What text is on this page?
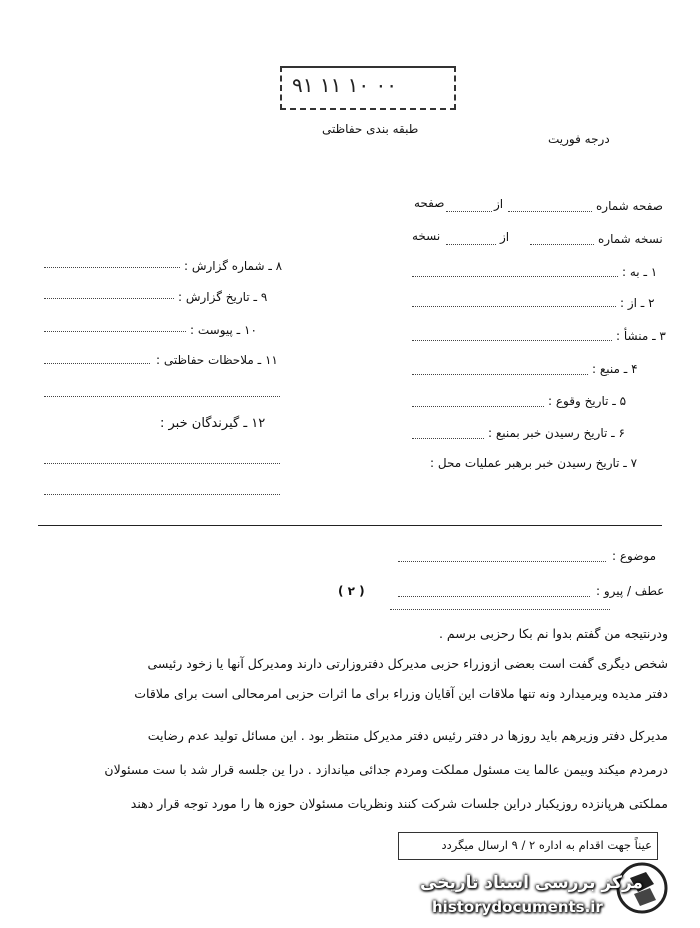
۹۱ ۱۱ ۱۰ ۰۰
درجه فوریت
طبقه بندی حفاظتی
صفحه شماره
از
صفحه
نسخه شماره
از
نسخه
۱ ـ به :
۲ ـ از :
۳ ـ منشأ :
۴ ـ منبع :
۵ ـ تاریخ وقوع :
۶ ـ تاریخ رسیدن خبر بمنبع :
۷ ـ تاریخ رسیدن خبر برهبر عملیات محل :
۸ ـ شماره گزارش :
۹ ـ تاریخ گزارش :
۱۰ ـ پیوست :
۱۱ ـ ملاحظات حفاظتی :
۱۲ ـ گیرندگان خبر :
موضوع :
عطف / پیرو :
( ۲ )
ودرنتیجه من گفتم بدوا نم بکا رحزبی برسم .
شخص دیگری گفت است بعضی ازوزراء حزبی مدیرکل دفتروزارتی دارند ومدیرکل آنها یا زخود رئیسی
دفتر مدیده ویرمیدارد ونه تنها ملاقات این آقایان وزراء برای ما اثرات حزبی امرمحالی است برای ملاقات
مدیرکل دفتر وزیرهم باید روزها در دفتر رئیس دفتر مدیرکل منتظر بود . این مسائل تولید عدم رضایت
درمردم میکند وبیمن عالما یت مسئول مملکت ومردم جدائی میاندازد . درا ین جلسه قرار شد با ست مسئولان
مملکتی هرپانزده روزیکبار دراین جلسات شرکت کنند ونظریات مسئولان حوزه ها را مورد توجه قرار دهند
عیناً جهت اقدام به اداره ۲ / ۹ ارسال میگردد
مرکز بررسی اسناد تاریخی
historydocuments.ir
